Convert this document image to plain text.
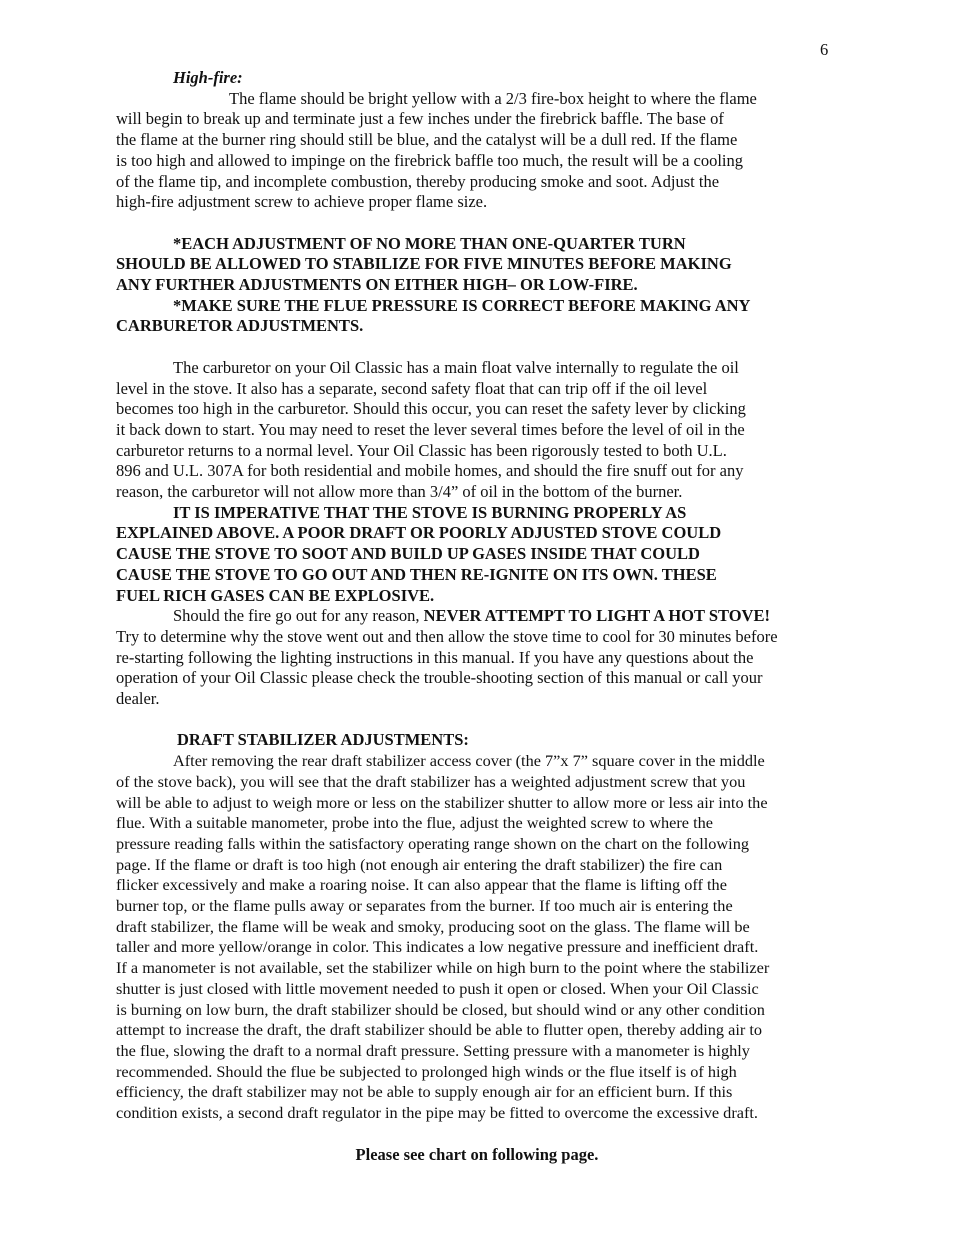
6

High-fire:

The flame should be bright yellow with a 2/3 fire-box height to where the flame
will begin to break up and terminate just a few inches under the firebrick baffle. The base of
the flame at the burner ring should still be blue, and the catalyst will be a dull red. If the flame
is too high and allowed to impinge on the firebrick baffle too much, the result will be a cooling
of the flame tip, and incomplete combustion, thereby producing smoke and soot. Adjust the
high-fire adjustment screw to achieve proper flame size.
*EACH ADJUSTMENT OF NO MORE THAN ONE-QUARTER TURN
SHOULD BE ALLOWED TO STABILIZE FOR FIVE MINUTES BEFORE MAKING
ANY FURTHER ADJUSTMENTS ON EITHER HIGH– OR LOW-FIRE.
*MAKE SURE THE FLUE PRESSURE IS CORRECT BEFORE MAKING ANY
CARBURETOR ADJUSTMENTS.
The carburetor on your Oil Classic has a main float valve internally to regulate the oil
level in the stove. It also has a separate, second safety float that can trip off if the oil level
becomes too high in the carburetor. Should this occur, you can reset the safety lever by clicking
it back down to start. You may need to reset the lever several times before the level of oil in the
carburetor returns to a normal level. Your Oil Classic has been rigorously tested to both U.L.
896 and U.L. 307A for both residential and mobile homes, and should the fire snuff out for any
reason, the carburetor will not allow more than 3/4” of oil in the bottom of the burner.
IT IS IMPERATIVE THAT THE STOVE IS BURNING PROPERLY AS
EXPLAINED ABOVE. A POOR DRAFT OR POORLY ADJUSTED STOVE COULD
CAUSE THE STOVE TO SOOT AND BUILD UP GASES INSIDE THAT COULD
CAUSE THE STOVE TO GO OUT AND THEN RE-IGNITE ON ITS OWN. THESE
FUEL RICH GASES CAN BE EXPLOSIVE.
Should the fire go out for any reason, NEVER ATTEMPT TO LIGHT A HOT STOVE!
Try to determine why the stove went out and then allow the stove time to cool for 30 minutes before
re-starting following the lighting instructions in this manual. If you have any questions about the
operation of your Oil Classic please check the trouble-shooting section of this manual or call your
dealer.

DRAFT STABILIZER ADJUSTMENTS:

After removing the rear draft stabilizer access cover (the 7”x 7” square cover in the middle
of the stove back), you will see that the draft stabilizer has a weighted adjustment screw that you
will be able to adjust to weigh more or less on the stabilizer shutter to allow more or less air into the
flue. With a suitable manometer, probe into the flue, adjust the weighted screw to where the
pressure reading falls within the satisfactory operating range shown on the chart on the following
page. If the flame or draft is too high (not enough air entering the draft stabilizer) the fire can
flicker excessively and make a roaring noise. It can also appear that the flame is lifting off the
burner top, or the flame pulls away or separates from the burner. If too much air is entering the
draft stabilizer, the flame will be weak and smoky, producing soot on the glass. The flame will be
taller and more yellow/orange in color. This indicates a low negative pressure and inefficient draft.
If a manometer is not available, set the stabilizer while on high burn to the point where the stabilizer
shutter is just closed with little movement needed to push it open or closed. When your Oil Classic
is burning on low burn, the draft stabilizer should be closed, but should wind or any other condition
attempt to increase the draft, the draft stabilizer should be able to flutter open, thereby adding air to
the flue, slowing the draft to a normal draft pressure. Setting pressure with a manometer is highly
recommended. Should the flue be subjected to prolonged high winds or the flue itself is of high
efficiency, the draft stabilizer may not be able to supply enough air for an efficient burn. If this
condition exists, a second draft regulator in the pipe may be fitted to overcome the excessive draft.

Please see chart on following page.
